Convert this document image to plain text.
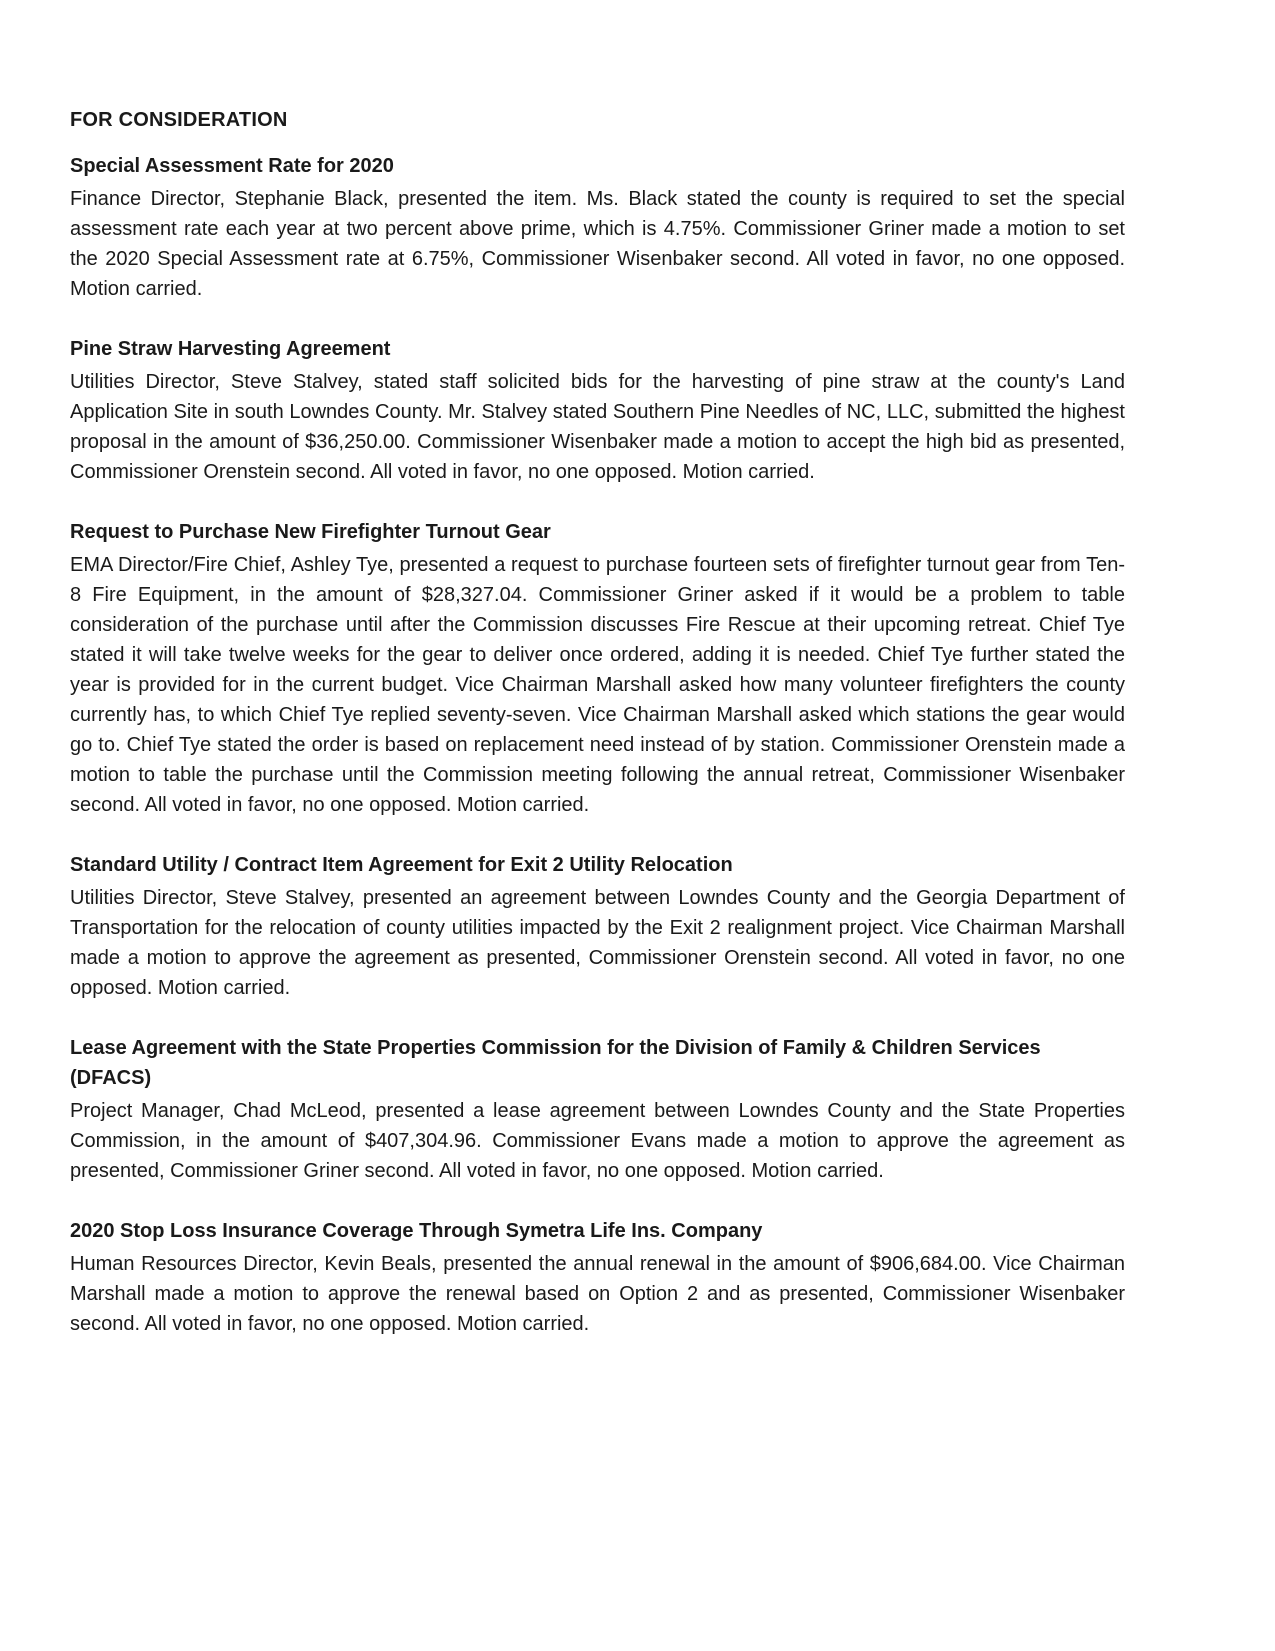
FOR CONSIDERATION
Special Assessment Rate for 2020

Finance Director, Stephanie Black, presented the item. Ms. Black stated the county is required to set the special assessment rate each year at two percent above prime, which is 4.75%. Commissioner Griner made a motion to set the 2020 Special Assessment rate at 6.75%, Commissioner Wisenbaker second. All voted in favor, no one opposed. Motion carried.

Pine Straw Harvesting Agreement

Utilities Director, Steve Stalvey, stated staff solicited bids for the harvesting of pine straw at the county's Land Application Site in south Lowndes County. Mr. Stalvey stated Southern Pine Needles of NC, LLC, submitted the highest proposal in the amount of $36,250.00. Commissioner Wisenbaker made a motion to accept the high bid as presented, Commissioner Orenstein second. All voted in favor, no one opposed. Motion carried.

Request to Purchase New Firefighter Turnout Gear

EMA Director/Fire Chief, Ashley Tye, presented a request to purchase fourteen sets of firefighter turnout gear from Ten-8 Fire Equipment, in the amount of $28,327.04. Commissioner Griner asked if it would be a problem to table consideration of the purchase until after the Commission discusses Fire Rescue at their upcoming retreat. Chief Tye stated it will take twelve weeks for the gear to deliver once ordered, adding it is needed. Chief Tye further stated the year is provided for in the current budget. Vice Chairman Marshall asked how many volunteer firefighters the county currently has, to which Chief Tye replied seventy-seven. Vice Chairman Marshall asked which stations the gear would go to. Chief Tye stated the order is based on replacement need instead of by station. Commissioner Orenstein made a motion to table the purchase until the Commission meeting following the annual retreat, Commissioner Wisenbaker second. All voted in favor, no one opposed. Motion carried.

Standard Utility / Contract Item Agreement for Exit 2 Utility Relocation

Utilities Director, Steve Stalvey, presented an agreement between Lowndes County and the Georgia Department of Transportation for the relocation of county utilities impacted by the Exit 2 realignment project. Vice Chairman Marshall made a motion to approve the agreement as presented, Commissioner Orenstein second. All voted in favor, no one opposed. Motion carried.

Lease Agreement with the State Properties Commission for the Division of Family & Children Services (DFACS)

Project Manager, Chad McLeod, presented a lease agreement between Lowndes County and the State Properties Commission, in the amount of $407,304.96. Commissioner Evans made a motion to approve the agreement as presented, Commissioner Griner second. All voted in favor, no one opposed. Motion carried.

2020 Stop Loss Insurance Coverage Through Symetra Life Ins. Company

Human Resources Director, Kevin Beals, presented the annual renewal in the amount of $906,684.00. Vice Chairman Marshall made a motion to approve the renewal based on Option 2 and as presented, Commissioner Wisenbaker second. All voted in favor, no one opposed. Motion carried.
